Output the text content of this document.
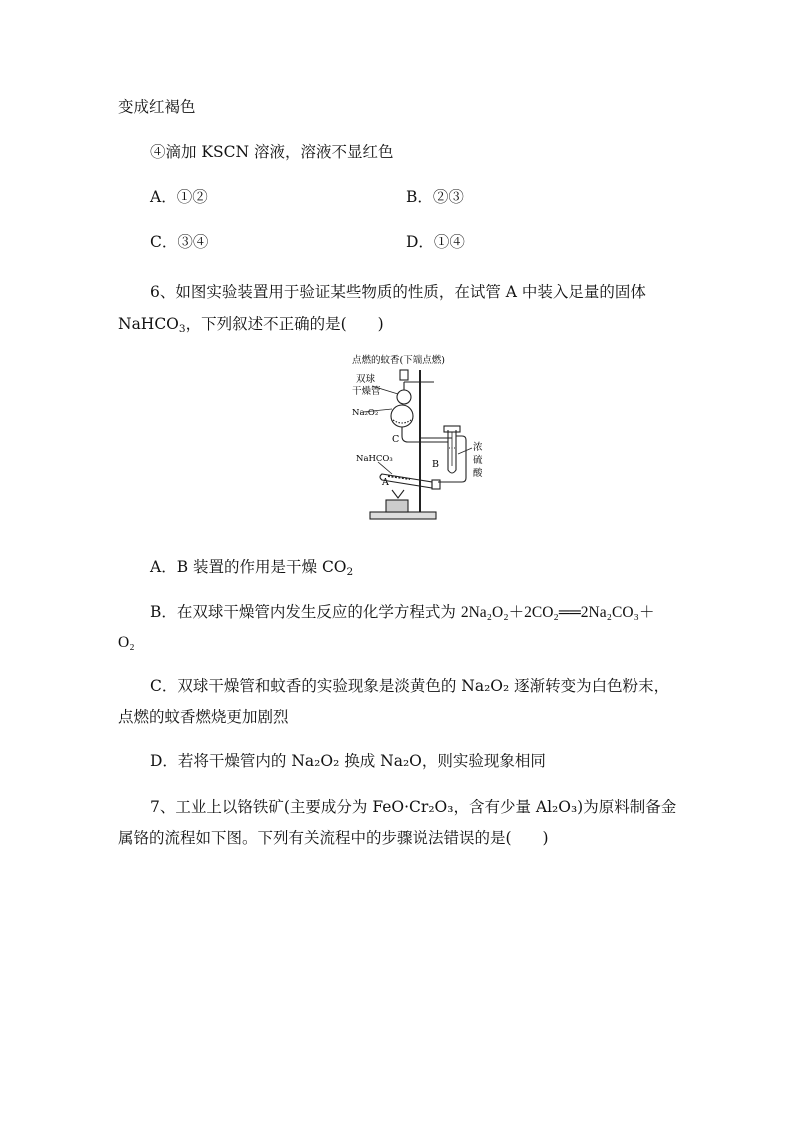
变成红褐色
④滴加 KSCN 溶液，溶液不显红色
A．①②	B．②③
C．③④	D．①④
6、如图实验装置用于验证某些物质的性质，在试管 A 中装入足量的固体
NaHCO$_3$，下列叙述不正确的是(　　)
点燃的蚊香(下端点燃)
双球
干燥管
Na₂O₂
C
NaHCO₃	B
A
浓
硫
酸
A．B 装置的作用是干燥 $CO_2$
B．在双球干燥管内发生反应的化学方程式为 2Na₂O₂＋2CO₂══2Na₂CO₃＋
O₂
C．双球干燥管和蚊香的实验现象是淡黄色的 Na₂O₂ 逐渐转变为白色粉末，
点燃的蚊香燃烧更加剧烈
D．若将干燥管内的 Na₂O₂ 换成 Na₂O，则实验现象相同
7、工业上以铬铁矿(主要成分为 FeO·Cr₂O₃，含有少量 Al₂O₃)为原料制备金
属铬的流程如下图。下列有关流程中的步骤说法错误的是(　　)
